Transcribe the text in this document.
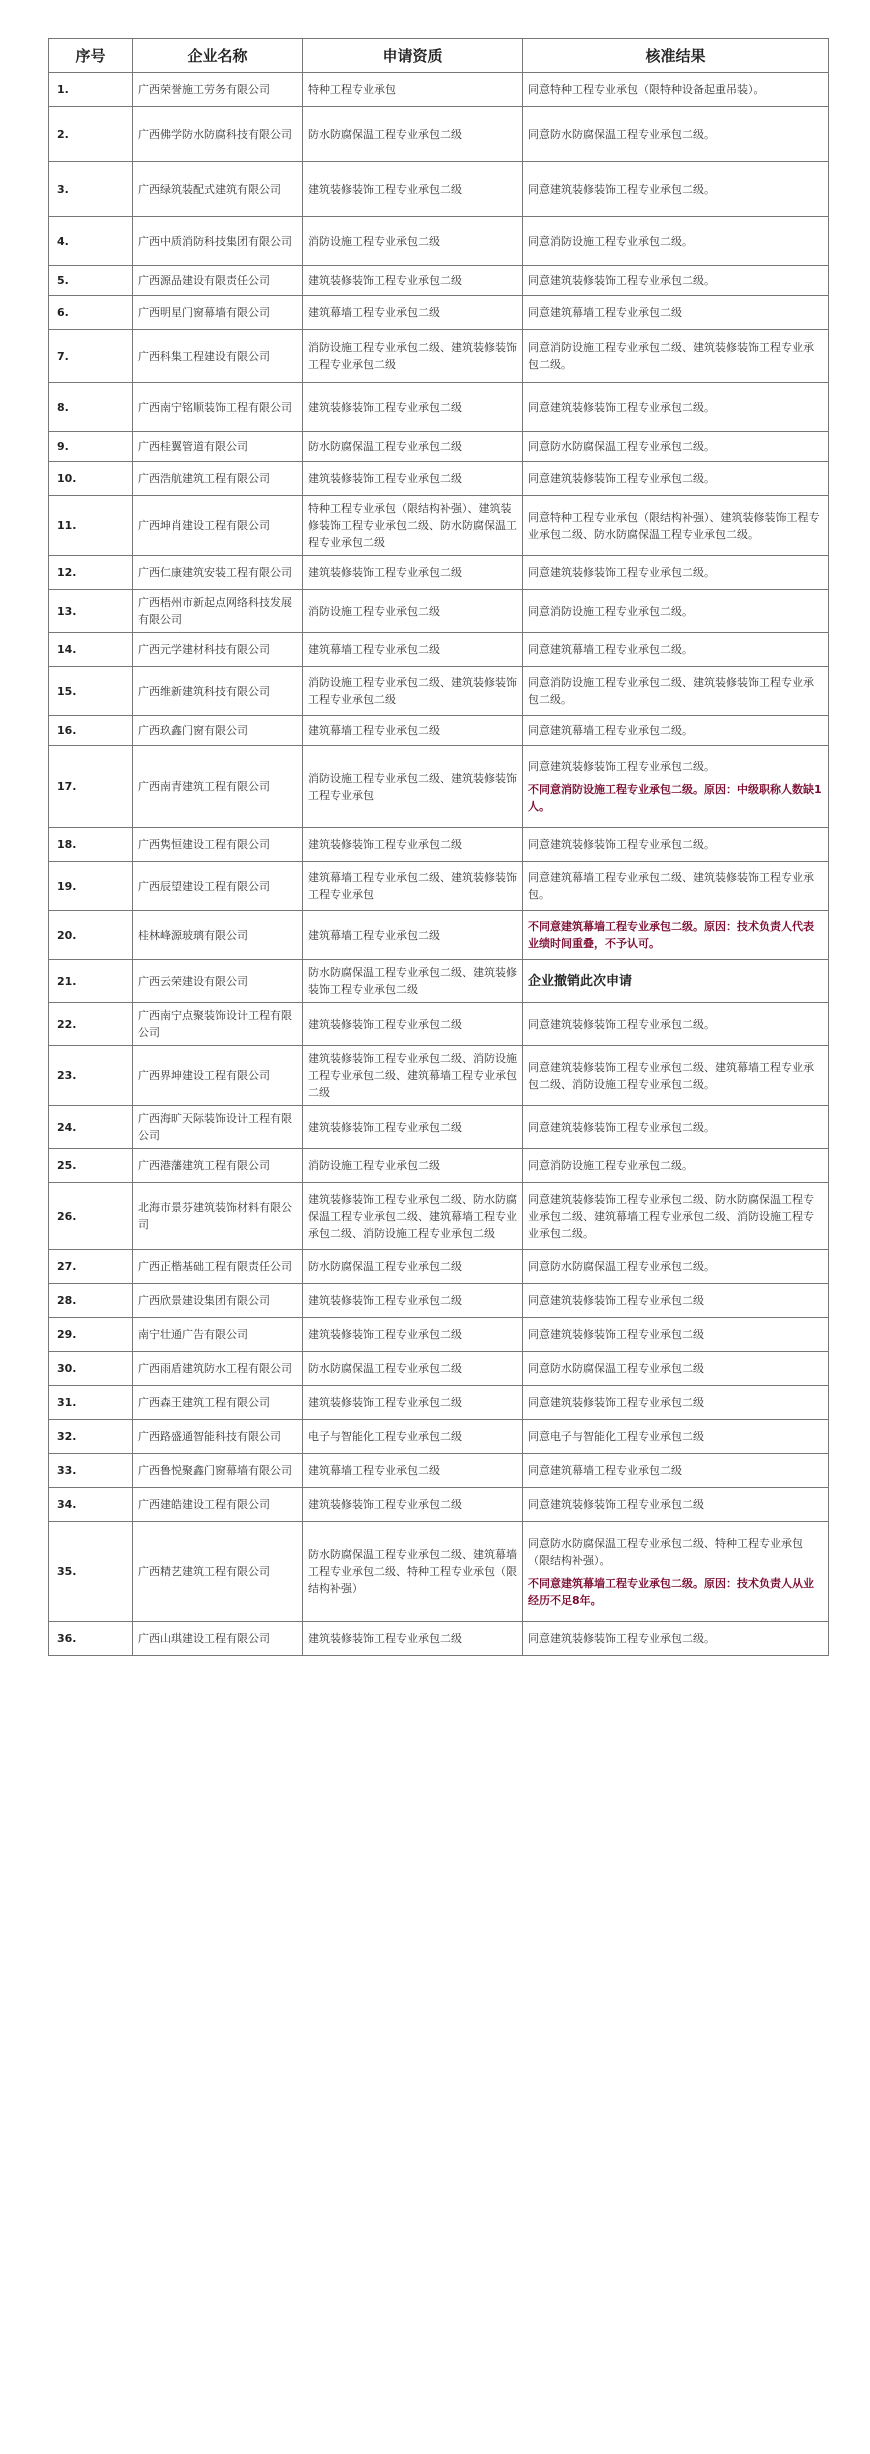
序号	企业名称	申请资质	核准结果
1.	广西荣誉施工劳务有限公司	特种工程专业承包	同意特种工程专业承包（限特种设备起重吊装）。

2.	广西佛学防水防腐科技有限公司	防水防腐保温工程专业承包二级	同意防水防腐保温工程专业承包二级。

3.	广西绿筑装配式建筑有限公司	建筑装修装饰工程专业承包二级	同意建筑装修装饰工程专业承包二级。

4.	广西中质消防科技集团有限公司	消防设施工程专业承包二级	同意消防设施工程专业承包二级。

5.	广西源品建设有限责任公司	建筑装修装饰工程专业承包二级	同意建筑装修装饰工程专业承包二级。

6.	广西明星门窗幕墙有限公司	建筑幕墙工程专业承包二级	同意建筑幕墙工程专业承包二级

7.	广西科集工程建设有限公司	消防设施工程专业承包二级、建筑装修装饰工程专业承包二级	同意消防设施工程专业承包二级、建筑装修装饰工程专业承包二级。

8.	广西南宁铭顺装饰工程有限公司	建筑装修装饰工程专业承包二级	同意建筑装修装饰工程专业承包二级。

9.	广西桂翼管道有限公司	防水防腐保温工程专业承包二级	同意防水防腐保温工程专业承包二级。

10.	广西浩航建筑工程有限公司	建筑装修装饰工程专业承包二级	同意建筑装修装饰工程专业承包二级。

11.	广西坤肖建设工程有限公司	特种工程专业承包（限结构补强）、建筑装修装饰工程专业承包二级、防水防腐保温工程专业承包二级	同意特种工程专业承包（限结构补强）、建筑装修装饰工程专业承包二级、防水防腐保温工程专业承包二级。

12.	广西仁康建筑安装工程有限公司	建筑装修装饰工程专业承包二级	同意建筑装修装饰工程专业承包二级。

13.	广西梧州市新起点网络科技发展有限公司	消防设施工程专业承包二级	同意消防设施工程专业承包二级。

14.	广西元学建材科技有限公司	建筑幕墙工程专业承包二级	同意建筑幕墙工程专业承包二级。

15.	广西维新建筑科技有限公司	消防设施工程专业承包二级、建筑装修装饰工程专业承包二级	同意消防设施工程专业承包二级、建筑装修装饰工程专业承包二级。

16.	广西玖鑫门窗有限公司	建筑幕墙工程专业承包二级	同意建筑幕墙工程专业承包二级。

17.	广西南青建筑工程有限公司	消防设施工程专业承包二级、建筑装修装饰工程专业承包	同意建筑装修装饰工程专业承包二级。
不同意消防设施工程专业承包二级。原因：中级职称人数缺1人。

18.	广西隽恒建设工程有限公司	建筑装修装饰工程专业承包二级	同意建筑装修装饰工程专业承包二级。

19.	广西辰望建设工程有限公司	建筑幕墙工程专业承包二级、建筑装修装饰工程专业承包	同意建筑幕墙工程专业承包二级、建筑装修装饰工程专业承包。

20.	桂林峰源玻璃有限公司	建筑幕墙工程专业承包二级	不同意建筑幕墙工程专业承包二级。原因：技术负责人代表业绩时间重叠，不予认可。

21.	广西云荣建设有限公司	防水防腐保温工程专业承包二级、建筑装修装饰工程专业承包二级	企业撤销此次申请

22.	广西南宁点聚装饰设计工程有限公司	建筑装修装饰工程专业承包二级	同意建筑装修装饰工程专业承包二级。

23.	广西界坤建设工程有限公司	建筑装修装饰工程专业承包二级、消防设施工程专业承包二级、建筑幕墙工程专业承包二级	同意建筑装修装饰工程专业承包二级、建筑幕墙工程专业承包二级、消防设施工程专业承包二级。

24.	广西海旷天际装饰设计工程有限公司	建筑装修装饰工程专业承包二级	同意建筑装修装饰工程专业承包二级。

25.	广西港藩建筑工程有限公司	消防设施工程专业承包二级	同意消防设施工程专业承包二级。

26.	北海市景芬建筑装饰材料有限公司	建筑装修装饰工程专业承包二级、防水防腐保温工程专业承包二级、建筑幕墙工程专业承包二级、消防设施工程专业承包二级	同意建筑装修装饰工程专业承包二级、防水防腐保温工程专业承包二级、建筑幕墙工程专业承包二级、消防设施工程专业承包二级。

27.	广西正楷基础工程有限责任公司	防水防腐保温工程专业承包二级	同意防水防腐保温工程专业承包二级。

28.	广西欣景建设集团有限公司	建筑装修装饰工程专业承包二级	同意建筑装修装饰工程专业承包二级

29.	南宁壮通广告有限公司	建筑装修装饰工程专业承包二级	同意建筑装修装饰工程专业承包二级

30.	广西雨盾建筑防水工程有限公司	防水防腐保温工程专业承包二级	同意防水防腐保温工程专业承包二级

31.	广西森王建筑工程有限公司	建筑装修装饰工程专业承包二级	同意建筑装修装饰工程专业承包二级

32.	广西路盛通智能科技有限公司	电子与智能化工程专业承包二级	同意电子与智能化工程专业承包二级

33.	广西鲁悦聚鑫门窗幕墙有限公司	建筑幕墙工程专业承包二级	同意建筑幕墙工程专业承包二级

34.	广西建皓建设工程有限公司	建筑装修装饰工程专业承包二级	同意建筑装修装饰工程专业承包二级

35.	广西精艺建筑工程有限公司	防水防腐保温工程专业承包二级、建筑幕墙工程专业承包二级、特种工程专业承包（限结构补强）	同意防水防腐保温工程专业承包二级、特种工程专业承包（限结构补强）。
不同意建筑幕墙工程专业承包二级。原因：技术负责人从业经历不足8年。

36.	广西山琪建设工程有限公司	建筑装修装饰工程专业承包二级	同意建筑装修装饰工程专业承包二级。
